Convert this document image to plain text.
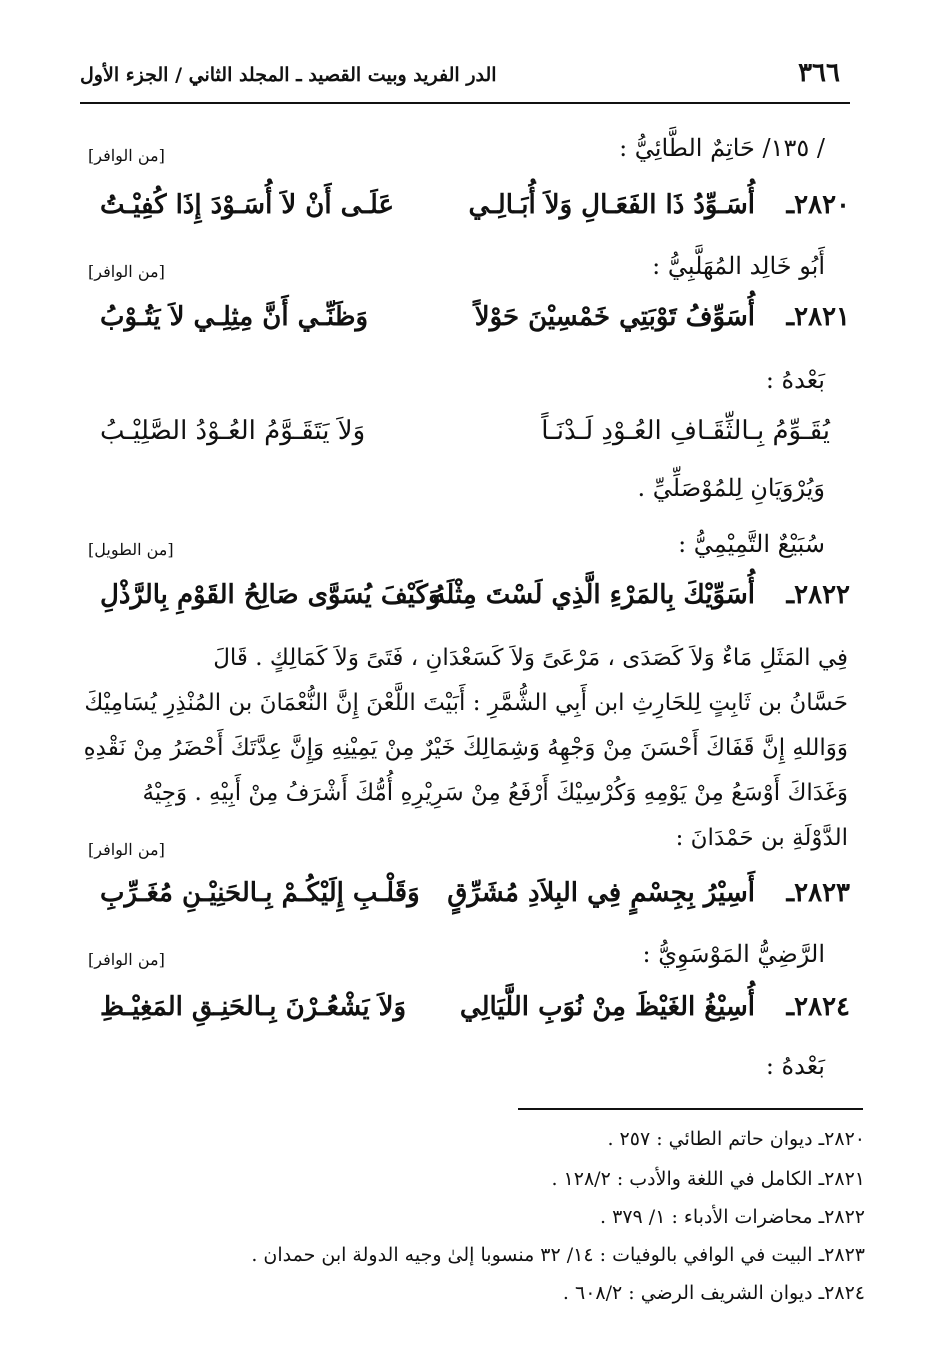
٣٦٦
الدر الفريد وبيت القصيد ـ المجلد الثاني / الجزء الأول
/ ١٣٥/ حَاتِمٌ الطَّائِيُّ :
[من الوافر]
٢٨٢٠ـ
أُسَـوِّدُ ذَا الفَعَـالِ وَلاَ أُبَـالِـي
عَلَـى أَنْ لاَ أُسَـوْدَ إِذَا كُفِيْـتُ
أَبُو خَالِد المُهَلَّبِيُّ :
[من الوافر]
٢٨٢١ـ
أُسَوِّفُ تَوْبَتِي خَمْسِيْنَ حَوْلاً
وَظَنِّـي أَنَّ مِثِلِـي لاَ يَتُـوْبُ
بَعْدهُ :
يُقَـوِّمُ بِـالثِّقَـافِ العُـوْدِ لَـدْنَـاً
وَلاَ يَتَقَـوَّمُ العُـوْدُ الصَّلِيْـبُ
وَيُرْوَيَانِ لِلمُوْصَلِّيِّ .
سُبَيْعٌ التَّمِيْمِيُّ :
[من الطويل]
٢٨٢٢ـ
أُسَوِّيْكَ بِالمَرْءِ الَّذِي لَسْتَ مِثْلَهُ
وَكَيْفَ يُسَوَّى صَالِحُ القَوْمِ بِالرَّذْلِ
فِي المَثَلِ مَاءٌ وَلاَ كَصَدَى ، مَرْعَىً وَلاَ كَسَعْدَانِ ، فَتَىً وَلاَ كَمَالِكٍ . قَالَ
حَسَّانُ بن ثَابِتٍ لِلحَارِثِ ابن أَبِي الشُّمَّرِ : أَبَيْتَ اللَّعْنَ إِنَّ النُّعْمَانَ بن المُنْذِرِ يُسَامِيْكَ
وَوَاللهِ إِنَّ قَفَاكَ أَحْسَنَ مِنْ وَجْهِهُ وَشِمَالِكَ خَيْرٌ مِنْ يَمِيْنِهِ وَإِنَّ عِدَّتَكَ أَحْضَرُ مِنْ نَقْدِهِ
وَغَدَاكَ أَوْسَعُ مِنْ يَوْمِهِ وَكُرْسِيْكَ أَرْفَعُ مِنْ سَرِيْرِهِ أُمُّكَ أَشْرَفُ مِنْ أَبِيْهِ . وَجِيْهُ
الدَّوْلَةِ بن حَمْدَانَ :
[من الوافر]
٢٨٢٣ـ
أَسِيْرُ بِجِسْمٍ فِي البِلاَدِ مُشَرِّقٍ
وَقَلْـبِ إِلَيْكُـمْ بِـالحَنِيْـنِ مُغَـرِّبِ
الرَّضِيُّ المَوْسَوِيُّ :
[من الوافر]
٢٨٢٤ـ
أُسِيْغُ الغَيْظَ مِنْ نُوَبِ اللَّيَالِي
وَلاَ يَشْعُـرْنَ بِـالحَنِـقِ المَغِيْـظِ
بَعْدهُ :
٢٨٢٠ـ ديوان حاتم الطائي : ٢٥٧ .
٢٨٢١ـ الكامل في اللغة والأدب : ١٢٨/٢ .
٢٨٢٢ـ محاضرات الأدباء : ١/ ٣٧٩ .
٢٨٢٣ـ البيت في الوافي بالوفيات : ١٤/ ٣٢ منسوبا إلىٰ وجيه الدولة ابن حمدان .
٢٨٢٤ـ ديوان الشريف الرضي : ٦٠٨/٢ .
